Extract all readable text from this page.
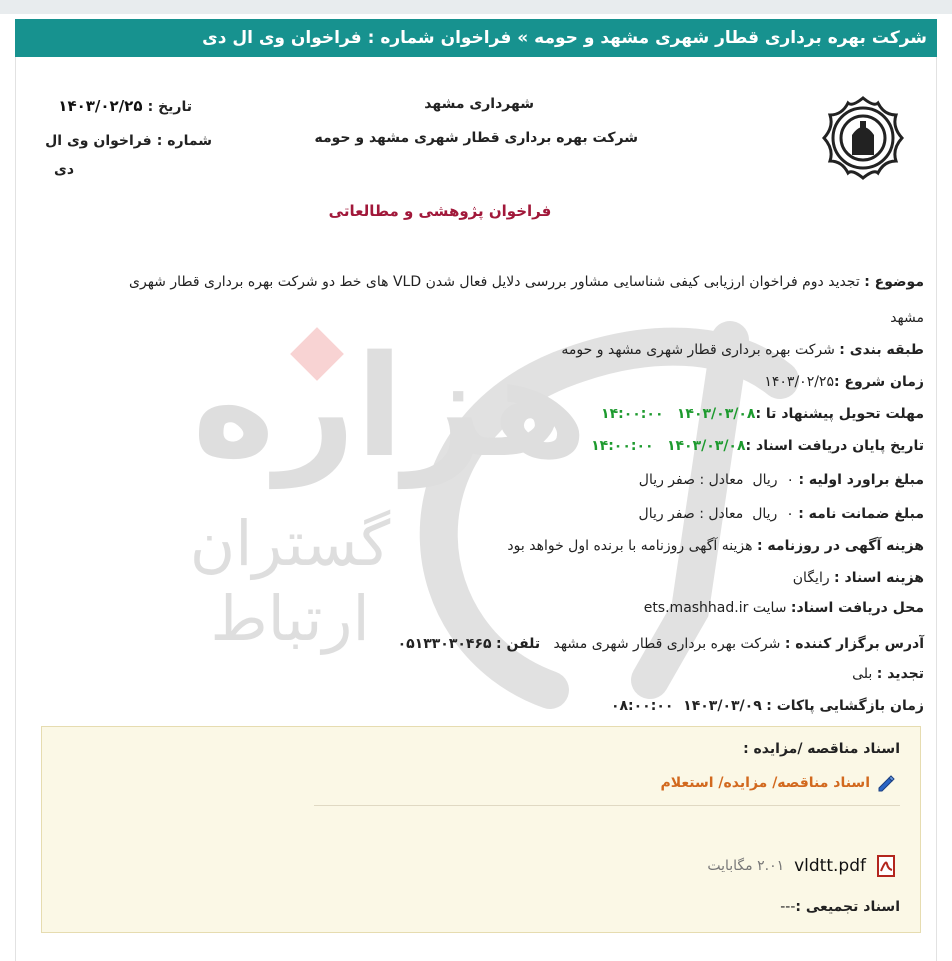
شرکت بهره برداری قطار شهری مشهد و حومه » فراخوان شماره : فراخوان وی ال دی
هزاره
گستران
ارتباط
شهرداری مشهد
شرکت بهره برداری قطار شهری مشهد و حومه
تاریخ : ۱۴۰۳/۰۲/۲۵
شماره : فراخوان وی ال
دی
فراخوان پژوهشی و مطالعاتی
موضوع : تجدید دوم فراخوان ارزیابی کیفی شناسایی مشاور بررسی دلایل فعال شدن VLD های خط دو شرکت بهره برداری قطار شهری
مشهد
طبقه بندی : شرکت بهره برداری قطار شهری مشهد و حومه
زمان شروع :۱۴۰۳/۰۲/۲۵
مهلت تحویل پیشنهاد تا :۱۴۰۳/۰۳/۰۸   ۱۴:۰۰:۰۰
تاریخ پایان دریافت اسناد :۱۴۰۳/۰۳/۰۸   ۱۴:۰۰:۰۰
مبلغ براورد اولیه : ۰  ریال  معادل : صفر ریال
مبلغ ضمانت نامه : ۰  ریال  معادل : صفر ریال
هزینه آگهی در روزنامه : هزینه آگهی روزنامه با برنده اول خواهد بود
هزینه اسناد : رایگان
محل دریافت اسناد: سایت ets.mashhad.ir
آدرس برگزار کننده : شرکت بهره برداری قطار شهری مشهد   تلفن : ۰۵۱۳۳۰۳۰۴۶۵
تجدید : بلی
زمان بازگشایی پاکات : ۱۴۰۳/۰۳/۰۹  ۰۸:۰۰:۰۰
اسناد مناقصه /مزایده :
اسناد مناقصه/ مزایده/ استعلام
vldtt.pdf
۲.۰۱ مگابایت
اسناد تجمیعی :---
